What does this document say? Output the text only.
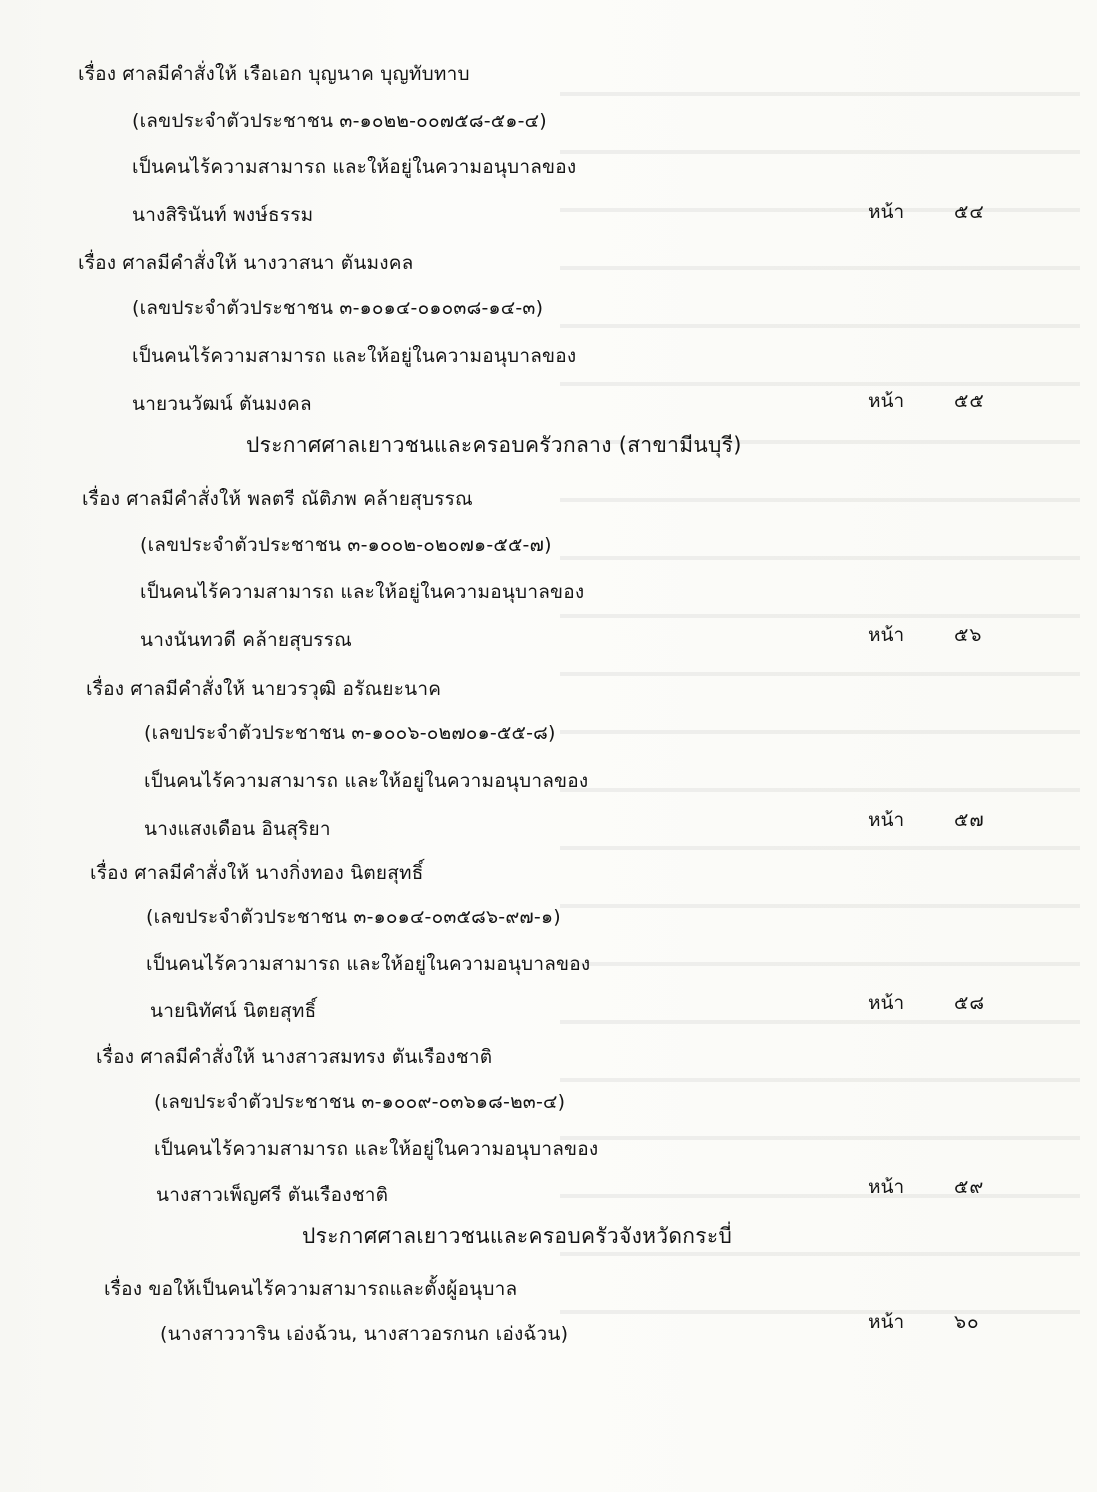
เรื่อง ศาลมีคำสั่งให้ เรือเอก บุญนาค บุญทับทาบ
(เลขประจำตัวประชาชน ๓-๑๐๒๒-๐๐๗๕๘-๕๑-๔)
เป็นคนไร้ความสามารถ และให้อยู่ในความอนุบาลของ
นางสิรินันท์ พงษ์ธรรม	หน้า	๕๔
เรื่อง ศาลมีคำสั่งให้ นางวาสนา ตันมงคล
(เลขประจำตัวประชาชน ๓-๑๐๑๔-๐๑๐๓๘-๑๔-๓)
เป็นคนไร้ความสามารถ และให้อยู่ในความอนุบาลของ
นายวนวัฒน์ ตันมงคล	หน้า	๕๕
ประกาศศาลเยาวชนและครอบครัวกลาง (สาขามีนบุรี)
เรื่อง ศาลมีคำสั่งให้ พลตรี ณัติภพ คล้ายสุบรรณ
(เลขประจำตัวประชาชน ๓-๑๐๐๒-๐๒๐๗๑-๕๕-๗)
เป็นคนไร้ความสามารถ และให้อยู่ในความอนุบาลของ
นางนันทวดี คล้ายสุบรรณ	หน้า	๕๖
เรื่อง ศาลมีคำสั่งให้ นายวรวุฒิ อรัณยะนาค
(เลขประจำตัวประชาชน ๓-๑๐๐๖-๐๒๗๐๑-๕๕-๘)
เป็นคนไร้ความสามารถ และให้อยู่ในความอนุบาลของ
นางแสงเดือน อินสุริยา	หน้า	๕๗
เรื่อง ศาลมีคำสั่งให้ นางกิ่งทอง นิตยสุทธิ์
(เลขประจำตัวประชาชน ๓-๑๐๑๔-๐๓๕๘๖-๙๗-๑)
เป็นคนไร้ความสามารถ และให้อยู่ในความอนุบาลของ
นายนิทัศน์ นิตยสุทธิ์	หน้า	๕๘
เรื่อง ศาลมีคำสั่งให้ นางสาวสมทรง ตันเรืองชาติ
(เลขประจำตัวประชาชน ๓-๑๐๐๙-๐๓๖๑๘-๒๓-๔)
เป็นคนไร้ความสามารถ และให้อยู่ในความอนุบาลของ
นางสาวเพ็ญศรี ตันเรืองชาติ	หน้า	๕๙
ประกาศศาลเยาวชนและครอบครัวจังหวัดกระบี่
เรื่อง ขอให้เป็นคนไร้ความสามารถและตั้งผู้อนุบาล
(นางสาววาริน เอ่งฉ้วน, นางสาวอรกนก เอ่งฉ้วน)
หน้า	๖๐
